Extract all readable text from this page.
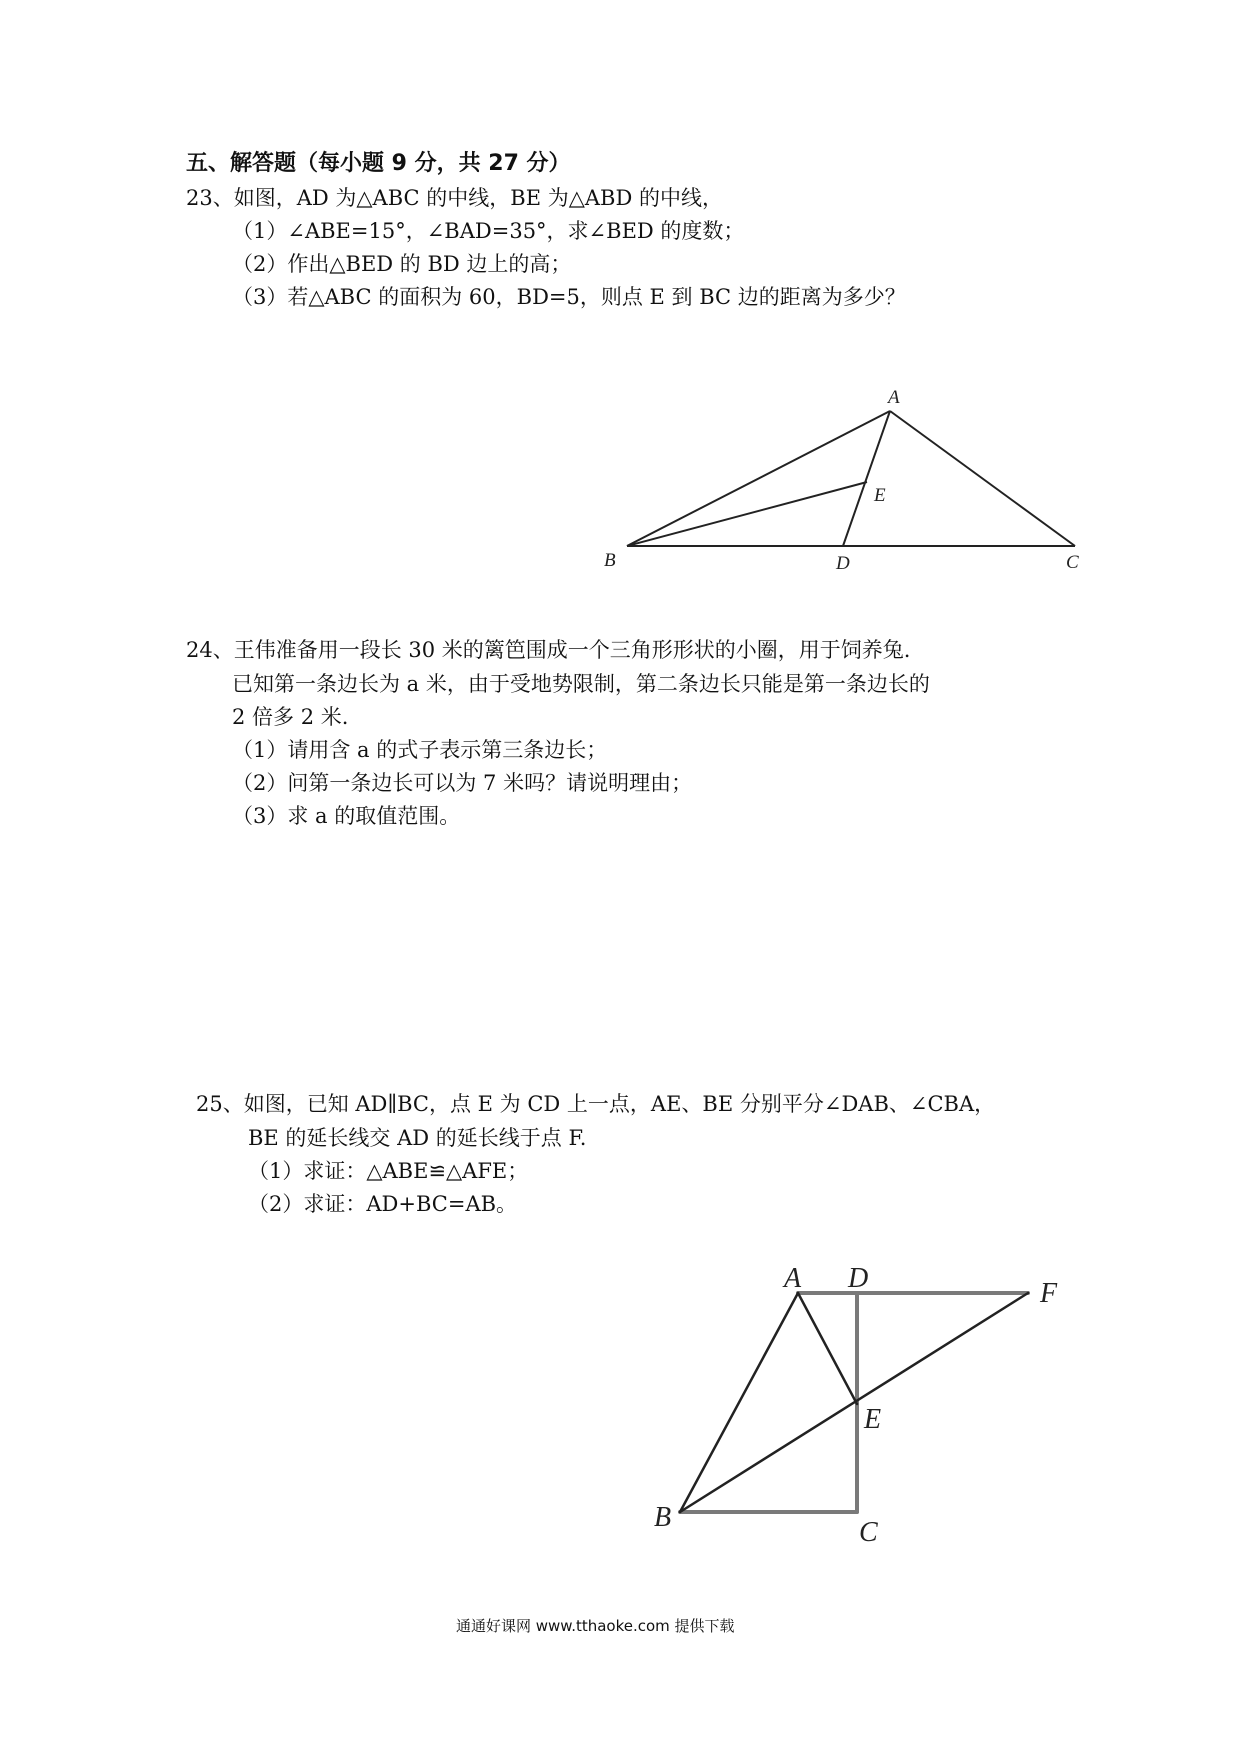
五、解答题（每小题 9 分，共 27 分）
23、如图，AD 为△ABC 的中线，BE 为△ABD 的中线，
（1）∠ABE=15°，∠BAD=35°，求∠BED 的度数；
（2）作出△BED 的 BD 边上的高；
（3）若△ABC 的面积为 60，BD=5，则点 E 到 BC 边的距离为多少？
24、王伟准备用一段长 30 米的篱笆围成一个三角形形状的小圈，用于饲养兔.
已知第一条边长为 a 米，由于受地势限制，第二条边长只能是第一条边长的
2 倍多 2 米.
（1）请用含 a 的式子表示第三条边长；
（2）问第一条边长可以为 7 米吗？请说明理由；
（3）求 a 的取值范围。
25、如图，已知 AD∥BC，点 E 为 CD 上一点，AE、BE 分别平分∠DAB、∠CBA，
BE 的延长线交 AD 的延长线于点 F.
（1）求证：△ABE≌△AFE；
（2）求证：AD+BC=AB。
A
B	C
D
E
A D	F
E
B	C
通通好课网 www.tthaoke.com 提供下载
